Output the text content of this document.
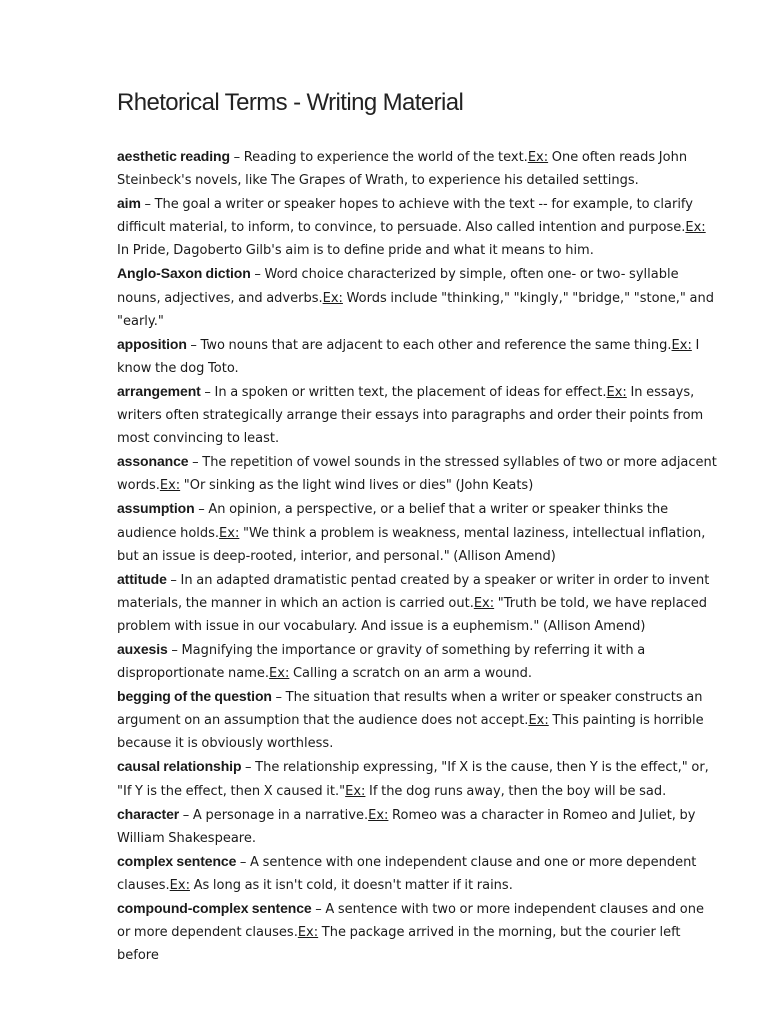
Rhetorical Terms - Writing Material

aesthetic reading – Reading to experience the world of the text.Ex: One often reads John Steinbeck's novels, like The Grapes of Wrath, to experience his detailed settings.

aim – The goal a writer or speaker hopes to achieve with the text -- for example, to clarify difficult material, to inform, to convince, to persuade. Also called intention and purpose.Ex: In Pride, Dagoberto Gilb's aim is to define pride and what it means to him.

Anglo-Saxon diction – Word choice characterized by simple, often one- or two- syllable nouns, adjectives, and adverbs.Ex: Words include "thinking," "kingly," "bridge," "stone," and "early."

apposition – Two nouns that are adjacent to each other and reference the same thing.Ex: I know the dog Toto.

arrangement – In a spoken or written text, the placement of ideas for effect.Ex: In essays, writers often strategically arrange their essays into paragraphs and order their points from most convincing to least.

assonance – The repetition of vowel sounds in the stressed syllables of two or more adjacent words.Ex: "Or sinking as the light wind lives or dies" (John Keats)

assumption – An opinion, a perspective, or a belief that a writer or speaker thinks the audience holds.Ex: "We think a problem is weakness, mental laziness, intellectual inflation, but an issue is deep-rooted, interior, and personal." (Allison Amend)

attitude – In an adapted dramatistic pentad created by a speaker or writer in order to invent materials, the manner in which an action is carried out.Ex: "Truth be told, we have replaced problem with issue in our vocabulary. And issue is a euphemism." (Allison Amend)

auxesis – Magnifying the importance or gravity of something by referring it with a disproportionate name.Ex: Calling a scratch on an arm a wound.

begging of the question – The situation that results when a writer or speaker constructs an argument on an assumption that the audience does not accept.Ex: This painting is horrible because it is obviously worthless.

causal relationship – The relationship expressing, "If X is the cause, then Y is the effect," or, "If Y is the effect, then X caused it."Ex: If the dog runs away, then the boy will be sad.

character – A personage in a narrative.Ex: Romeo was a character in Romeo and Juliet, by William Shakespeare.

complex sentence – A sentence with one independent clause and one or more dependent clauses.Ex: As long as it isn't cold, it doesn't matter if it rains.

compound-complex sentence – A sentence with two or more independent clauses and one or more dependent clauses.Ex: The package arrived in the morning, but the courier left before
